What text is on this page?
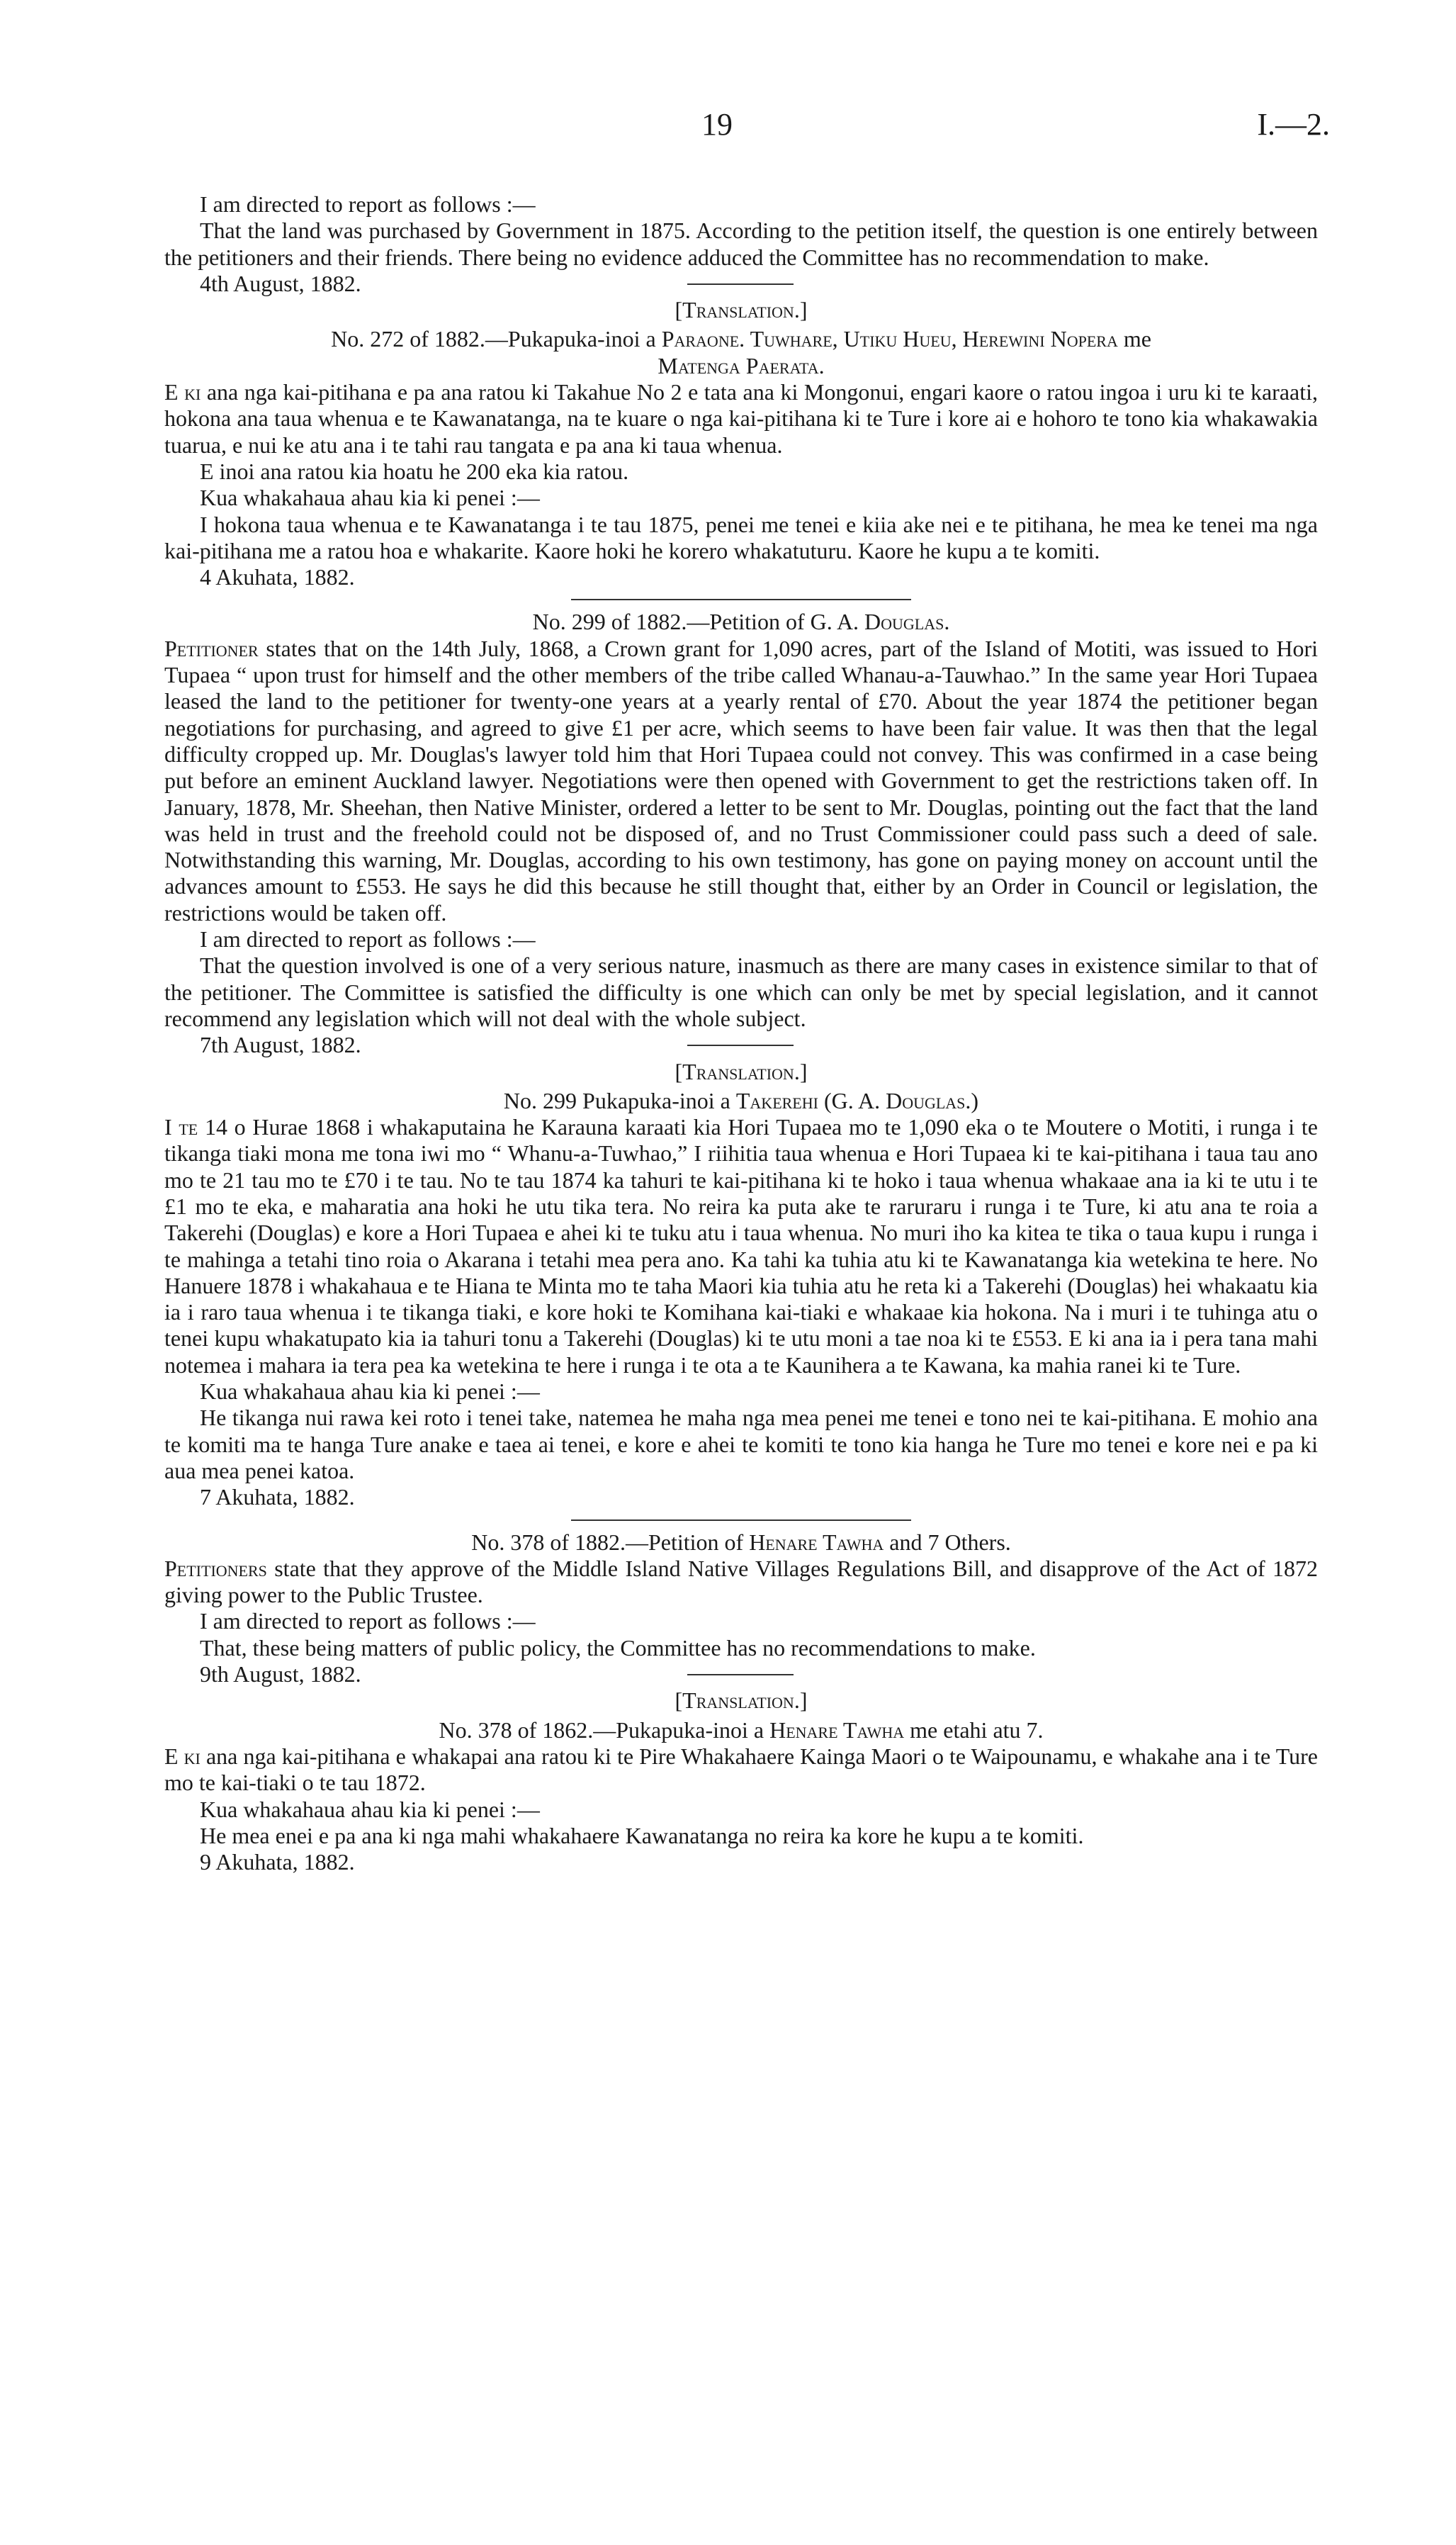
19	I.—2.

I am directed to report as follows :—

That the land was purchased by Government in 1875. According to the petition itself, the question is one entirely between the petitioners and their friends. There being no evidence adduced the Committee has no recommendation to make.

4th August, 1882.

[Translation.]

No. 272 of 1882.—Pukapuka-inoi a Paraone. Tuwhare, Utiku Hueu, Herewini Nopera me
Matenga Paerata.

E ki ana nga kai-pitihana e pa ana ratou ki Takahue No 2 e tata ana ki Mongonui, engari kaore o ratou ingoa i uru ki te karaati, hokona ana taua whenua e te Kawanatanga, na te kuare o nga kai-pitihana ki te Ture i kore ai e hohoro te tono kia whakawakia tuarua, e nui ke atu ana i te tahi rau tangata e pa ana ki taua whenua.

E inoi ana ratou kia hoatu he 200 eka kia ratou.

Kua whakahaua ahau kia ki penei :—

I hokona taua whenua e te Kawanatanga i te tau 1875, penei me tenei e kiia ake nei e te pitihana, he mea ke tenei ma nga kai-pitihana me a ratou hoa e whakarite. Kaore hoki he korero whakatuturu. Kaore he kupu a te komiti.

4 Akuhata, 1882.

No. 299 of 1882.—Petition of G. A. Douglas.

Petitioner states that on the 14th July, 1868, a Crown grant for 1,090 acres, part of the Island of Motiti, was issued to Hori Tupaea “ upon trust for himself and the other members of the tribe called Whanau-a-Tauwhao.” In the same year Hori Tupaea leased the land to the petitioner for twenty-one years at a yearly rental of £70. About the year 1874 the petitioner began negotiations for purchasing, and agreed to give £1 per acre, which seems to have been fair value. It was then that the legal difficulty cropped up. Mr. Douglas's lawyer told him that Hori Tupaea could not convey. This was confirmed in a case being put before an eminent Auckland lawyer. Negotiations were then opened with Government to get the restrictions taken off. In January, 1878, Mr. Sheehan, then Native Minister, ordered a letter to be sent to Mr. Douglas, pointing out the fact that the land was held in trust and the freehold could not be disposed of, and no Trust Commissioner could pass such a deed of sale. Notwithstanding this warning, Mr. Douglas, according to his own testimony, has gone on paying money on account until the advances amount to £553. He says he did this because he still thought that, either by an Order in Council or legislation, the restrictions would be taken off.

I am directed to report as follows :—

That the question involved is one of a very serious nature, inasmuch as there are many cases in existence similar to that of the petitioner. The Committee is satisfied the difficulty is one which can only be met by special legislation, and it cannot recommend any legislation which will not deal with the whole subject.

7th August, 1882.

[Translation.]

No. 299 Pukapuka-inoi a Takerehi (G. A. Douglas.)

I te 14 o Hurae 1868 i whakaputaina he Karauna karaati kia Hori Tupaea mo te 1,090 eka o te Moutere o Motiti, i runga i te tikanga tiaki mona me tona iwi mo “ Whanu-a-Tuwhao,” I riihitia taua whenua e Hori Tupaea ki te kai-pitihana i taua tau ano mo te 21 tau mo te £70 i te tau. No te tau 1874 ka tahuri te kai-pitihana ki te hoko i taua whenua whakaae ana ia ki te utu i te £1 mo te eka, e maharatia ana hoki he utu tika tera. No reira ka puta ake te raruraru i runga i te Ture, ki atu ana te roia a Takerehi (Douglas) e kore a Hori Tupaea e ahei ki te tuku atu i taua whenua. No muri iho ka kitea te tika o taua kupu i runga i te mahinga a tetahi tino roia o Akarana i tetahi mea pera ano. Ka tahi ka tuhia atu ki te Kawanatanga kia wetekina te here. No Hanuere 1878 i whakahaua e te Hiana te Minta mo te taha Maori kia tuhia atu he reta ki a Takerehi (Douglas) hei whakaatu kia ia i raro taua whenua i te tikanga tiaki, e kore hoki te Komihana kai-tiaki e whakaae kia hokona. Na i muri i te tuhinga atu o tenei kupu whakatupato kia ia tahuri tonu a Takerehi (Douglas) ki te utu moni a tae noa ki te £553. E ki ana ia i pera tana mahi notemea i mahara ia tera pea ka wetekina te here i runga i te ota a te Kaunihera a te Kawana, ka mahia ranei ki te Ture.

Kua whakahaua ahau kia ki penei :—

He tikanga nui rawa kei roto i tenei take, natemea he maha nga mea penei me tenei e tono nei te kai-pitihana. E mohio ana te komiti ma te hanga Ture anake e taea ai tenei, e kore e ahei te komiti te tono kia hanga he Ture mo tenei e kore nei e pa ki aua mea penei katoa.

7 Akuhata, 1882.

No. 378 of 1882.—Petition of Henare Tawha and 7 Others.

Petitioners state that they approve of the Middle Island Native Villages Regulations Bill, and disapprove of the Act of 1872 giving power to the Public Trustee.

I am directed to report as follows :—

That, these being matters of public policy, the Committee has no recommendations to make.

9th August, 1882.

[Translation.]

No. 378 of 1862.—Pukapuka-inoi a Henare Tawha me etahi atu 7.

E ki ana nga kai-pitihana e whakapai ana ratou ki te Pire Whakahaere Kainga Maori o te Waipounamu, e whakahe ana i te Ture mo te kai-tiaki o te tau 1872.

Kua whakahaua ahau kia ki penei :—

He mea enei e pa ana ki nga mahi whakahaere Kawanatanga no reira ka kore he kupu a te komiti.

9 Akuhata, 1882.
